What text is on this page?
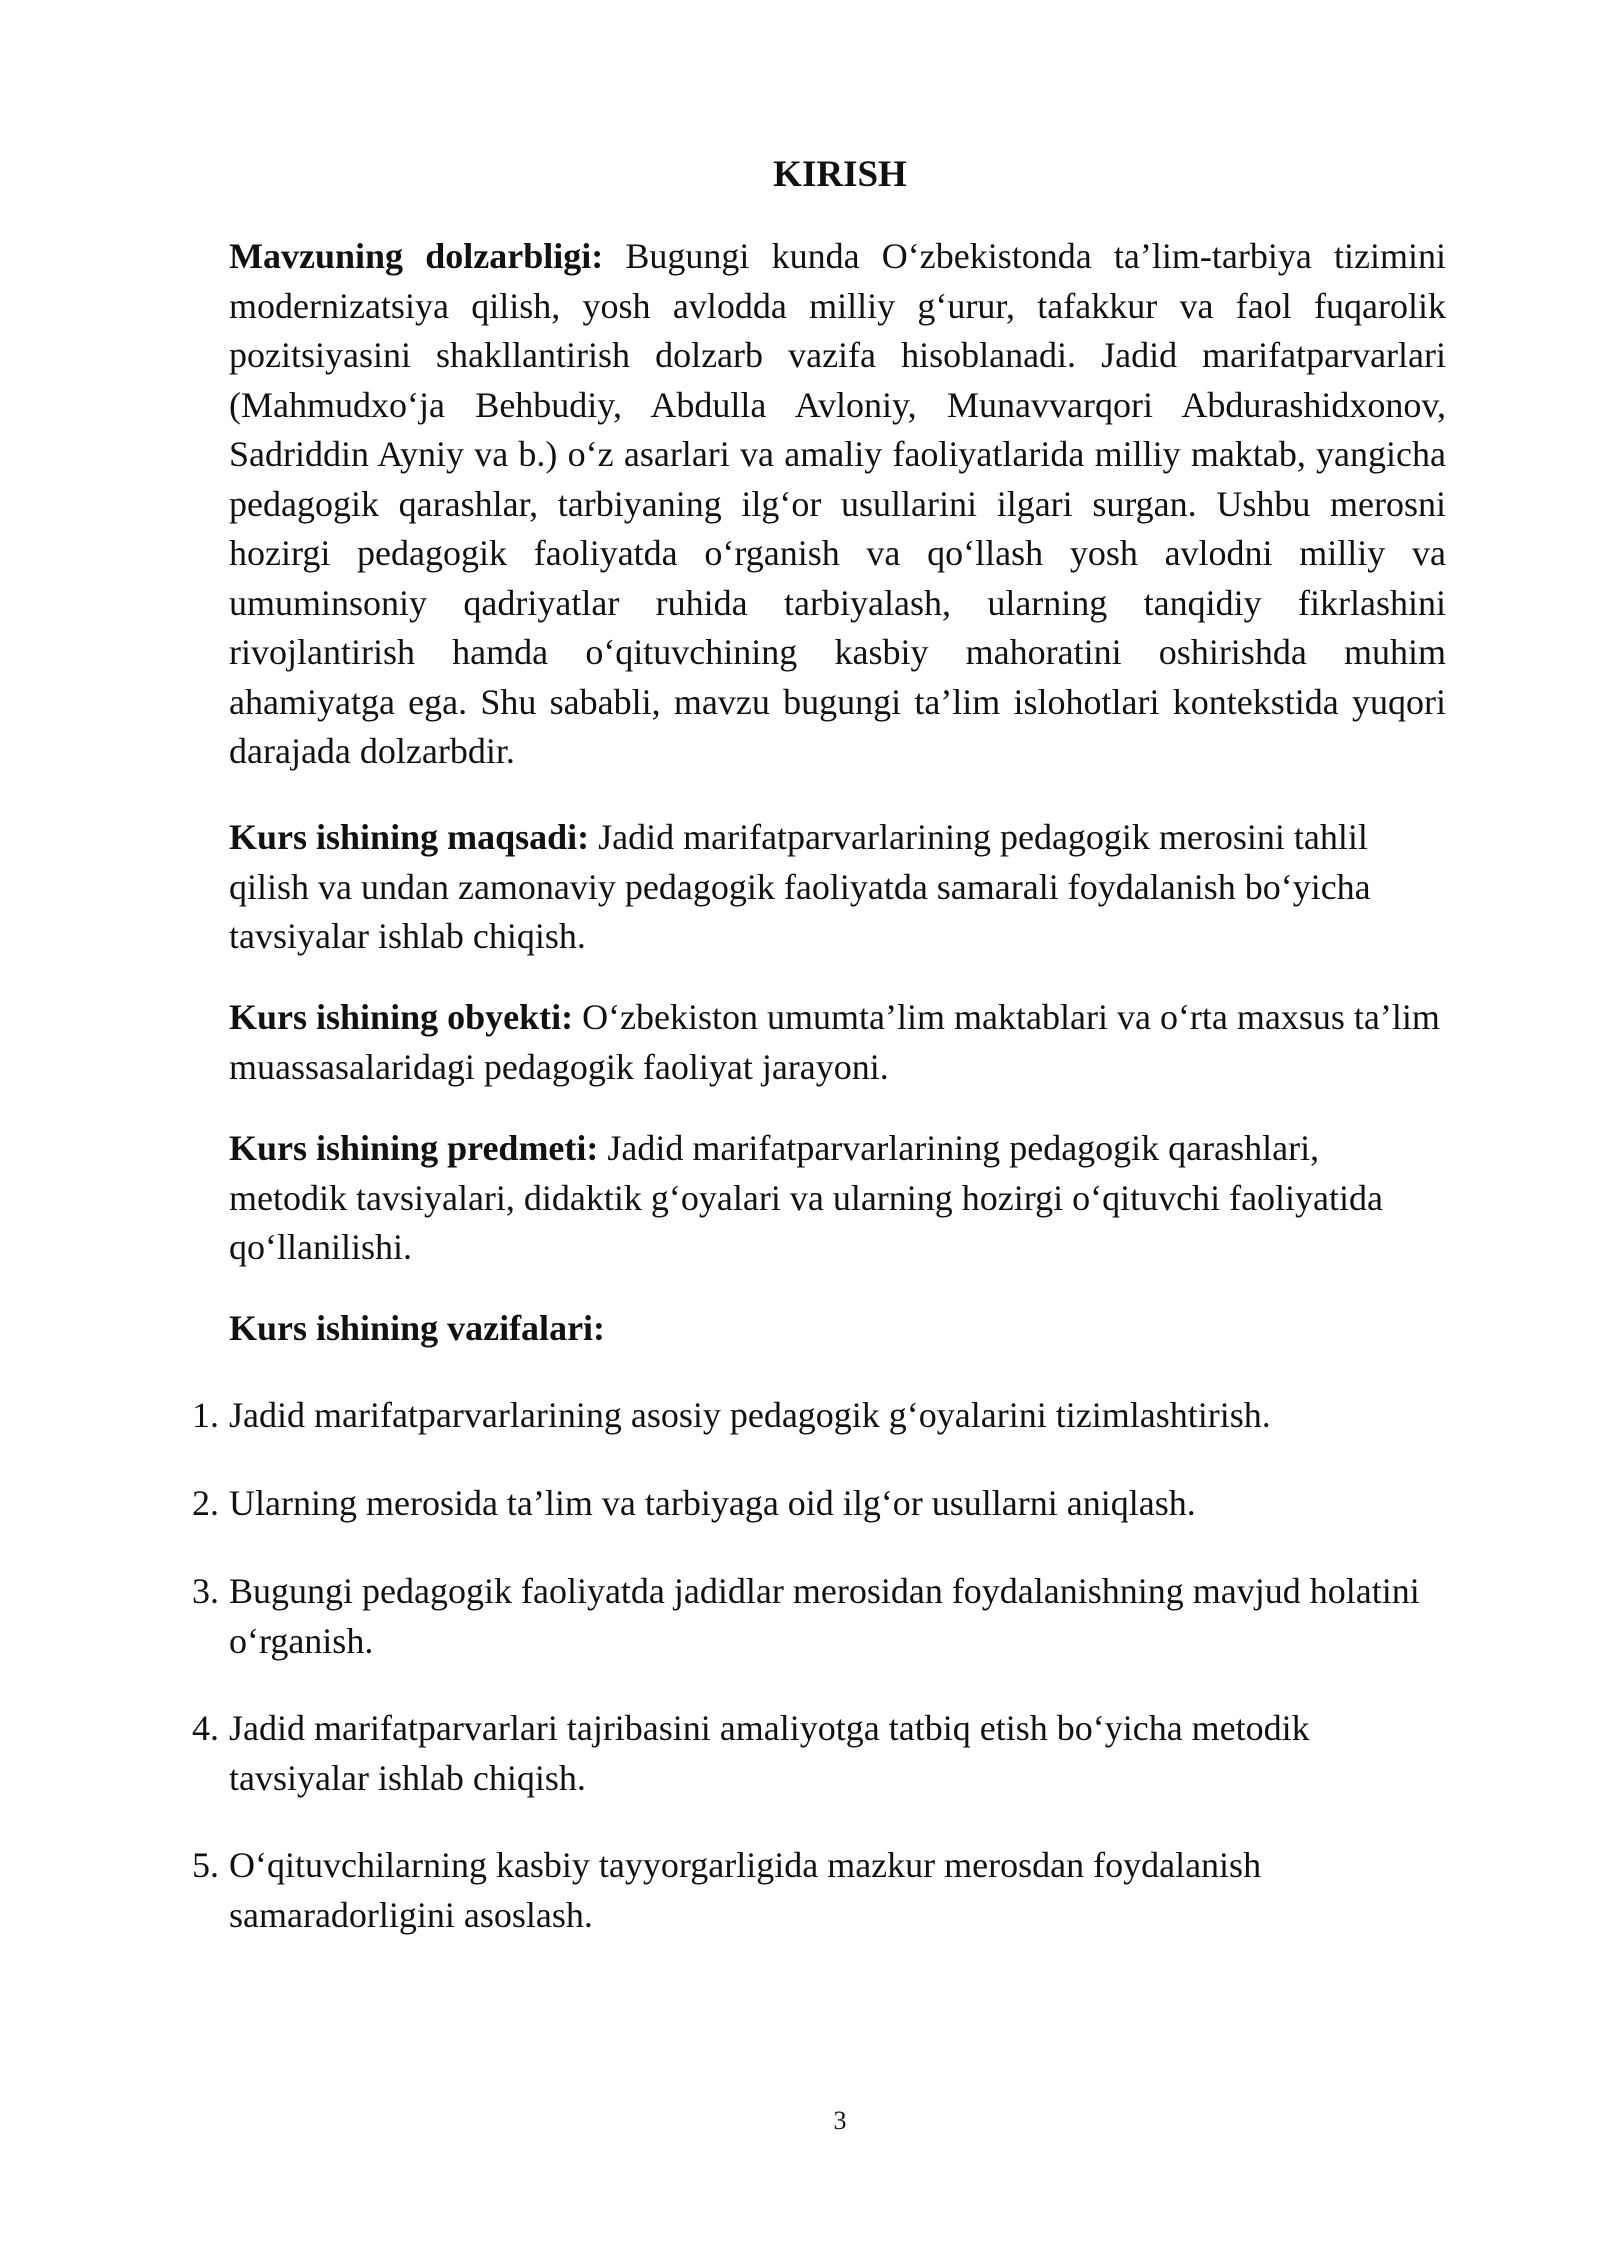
KIRISH

Mavzuning dolzarbligi: Bugungi kunda O‘zbekistonda ta’lim-tarbiya tizimini modernizatsiya qilish, yosh avlodda milliy g‘urur, tafakkur va faol fuqarolik pozitsiyasini shakllantirish dolzarb vazifa hisoblanadi. Jadid marifatparvarlari (Mahmudxo‘ja Behbudiy, Abdulla Avloniy, Munavvarqori Abdurashidxonov, Sadriddin Ayniy va b.) o‘z asarlari va amaliy faoliyatlarida milliy maktab, yangicha pedagogik qarashlar, tarbiyaning ilg‘or usullarini ilgari surgan. Ushbu merosni hozirgi pedagogik faoliyatda o‘rganish va qo‘llash yosh avlodni milliy va umuminsoniy qadriyatlar ruhida tarbiyalash, ularning tanqidiy fikrlashini rivojlantirish hamda o‘qituvchining kasbiy mahoratini oshirishda muhim ahamiyatga ega. Shu sababli, mavzu bugungi ta’lim islohotlari kontekstida yuqori darajada dolzarbdir.

Kurs ishining maqsadi: Jadid marifatparvarlarining pedagogik merosini tahlil qilish va undan zamonaviy pedagogik faoliyatda samarali foydalanish bo‘yicha tavsiyalar ishlab chiqish.

Kurs ishining obyekti: O‘zbekiston umumta’lim maktablari va o‘rta maxsus ta’lim muassasalaridagi pedagogik faoliyat jarayoni.

Kurs ishining predmeti: Jadid marifatparvarlarining pedagogik qarashlari, metodik tavsiyalari, didaktik g‘oyalari va ularning hozirgi o‘qituvchi faoliyatida qo‘llanilishi.

Kurs ishining vazifalari:

1. Jadid marifatparvarlarining asosiy pedagogik g‘oyalarini tizimlashtirish.
2. Ularning merosida ta’lim va tarbiyaga oid ilg‘or usullarni aniqlash.
3. Bugungi pedagogik faoliyatda jadidlar merosidan foydalanishning mavjud holatini o‘rganish.
4. Jadid marifatparvarlari tajribasini amaliyotga tatbiq etish bo‘yicha metodik tavsiyalar ishlab chiqish.
5. O‘qituvchilarning kasbiy tayyorgarligida mazkur merosdan foydalanish samaradorligini asoslash.
3
